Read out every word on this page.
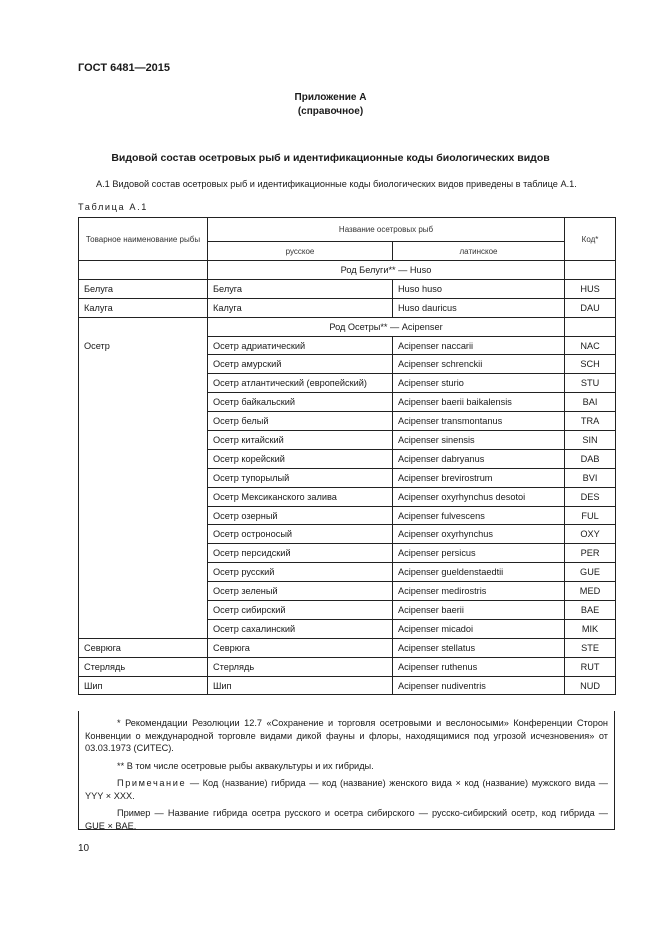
ГОСТ 6481—2015
Приложение А
(справочное)
Видовой состав осетровых рыб и идентификационные коды биологических видов
А.1 Видовой состав осетровых рыб и идентификационные коды биологических видов приведены в таблице А.1.
Таблица А.1
Товарное наименование рыбы	Название осетровых рыб		Код*
	русское	латинское	
	Род Белуги** — Huso		
Белуга	Белуга	Huso huso	HUS
Калуга	Калуга	Huso dauricus	DAU
	Род Осетры** — Acipenser		
Осетр	Осетр адриатический	Acipenser naccarii	NAC
	Осетр амурский	Acipenser schrenckii	SCH
	Осетр атлантический (европейский)	Acipenser sturio	STU
	Осетр байкальский	Acipenser baerii baikalensis	BAI
	Осетр белый	Acipenser transmontanus	TRA
	Осетр китайский	Acipenser sinensis	SIN
	Осетр корейский	Acipenser dabryanus	DAB
	Осетр тупорылый	Acipenser brevirostrum	BVI
	Осетр Мексиканского залива	Acipenser oxyrhynchus desotoi	DES
	Осетр озерный	Acipenser fulvescens	FUL
	Осетр остроносый	Acipenser oxyrhynchus	OXY
	Осетр персидский	Acipenser persicus	PER
	Осетр русский	Acipenser gueldenstaedtii	GUE
	Осетр зеленый	Acipenser medirostris	MED
	Осетр сибирский	Acipenser baerii	BAE
	Осетр сахалинский	Acipenser micadoi	MIK
Севрюга	Севрюга	Acipenser stellatus	STE
Стерлядь	Стерлядь	Acipenser ruthenus	RUT
Шип	Шип	Acipenser nudiventris	NUD

* Рекомендации Резолюции 12.7 «Сохранение и торговля осетровыми и веслоносыми» Конференции Сторон Конвенции о международной торговле видами дикой фауны и флоры, находящимися под угрозой исчезновения» от 03.03.1973 (СИТЕС).

** В том числе осетровые рыбы аквакультуры и их гибриды.

Примечание — Код (название) гибрида — код (название) женского вида × код (название) мужского вида — YYY × XXX.

Пример — Название гибрида осетра русского и осетра сибирского — русско-сибирский осетр, код гибрида — GUE × BAE.

10
